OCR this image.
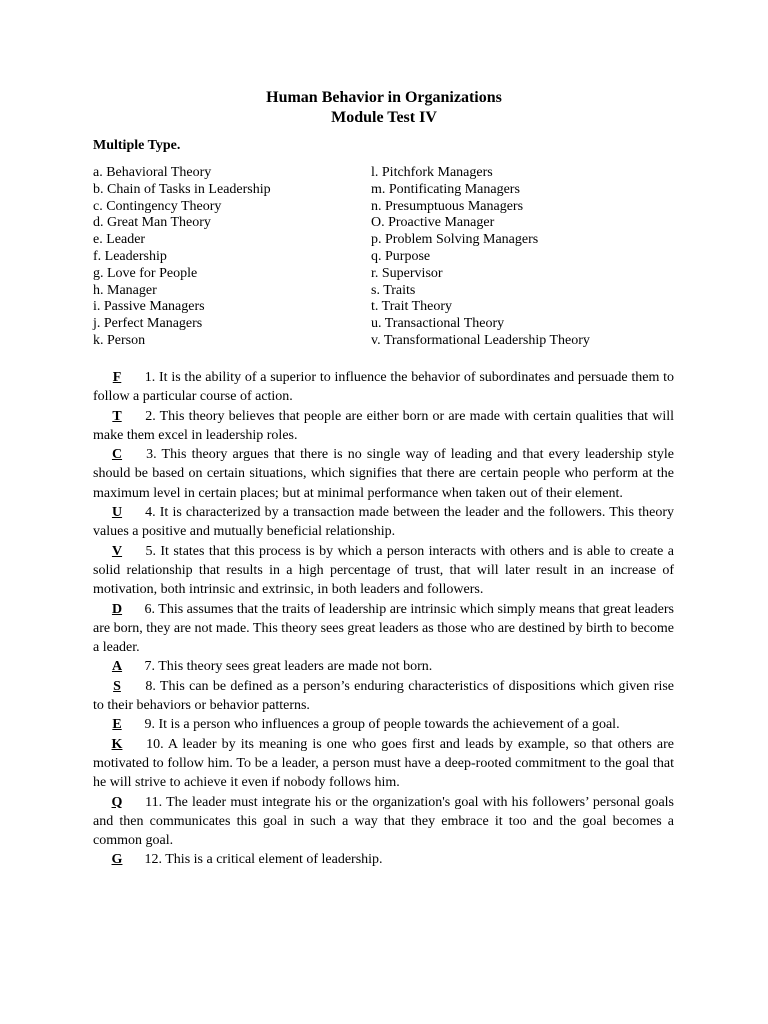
Human Behavior in Organizations
Module Test IV
Multiple Type.
a. Behavioral Theory
b. Chain of Tasks in Leadership
c. Contingency Theory
d. Great Man Theory
e. Leader
f. Leadership
g. Love for People
h. Manager
i. Passive Managers
j. Perfect Managers
k. Person
l. Pitchfork Managers
m. Pontificating Managers
n. Presumptuous Managers
O. Proactive Manager
p. Problem Solving Managers
q. Purpose
r. Supervisor
s. Traits
t. Trait Theory
u. Transactional Theory
v. Transformational Leadership Theory

F 1. It is the ability of a superior to influence the behavior of subordinates and persuade them to follow a particular course of action.

T 2. This theory believes that people are either born or are made with certain qualities that will make them excel in leadership roles.

C 3. This theory argues that there is no single way of leading and that every leadership style should be based on certain situations, which signifies that there are certain people who perform at the maximum level in certain places; but at minimal performance when taken out of their element.

U 4. It is characterized by a transaction made between the leader and the followers. This theory values a positive and mutually beneficial relationship.

V 5. It states that this process is by which a person interacts with others and is able to create a solid relationship that results in a high percentage of trust, that will later result in an increase of motivation, both intrinsic and extrinsic, in both leaders and followers.

D 6. This assumes that the traits of leadership are intrinsic which simply means that great leaders are born, they are not made. This theory sees great leaders as those who are destined by birth to become a leader.

A 7. This theory sees great leaders are made not born.

S 8. This can be defined as a person’s enduring characteristics of dispositions which given rise to their behaviors or behavior patterns.

E 9. It is a person who influences a group of people towards the achievement of a goal.

K 10. A leader by its meaning is one who goes first and leads by example, so that others are motivated to follow him. To be a leader, a person must have a deep-rooted commitment to the goal that he will strive to achieve it even if nobody follows him.

Q 11. The leader must integrate his or the organization's goal with his followers’ personal goals and then communicates this goal in such a way that they embrace it too and the goal becomes a common goal.

G 12. This is a critical element of leadership.
